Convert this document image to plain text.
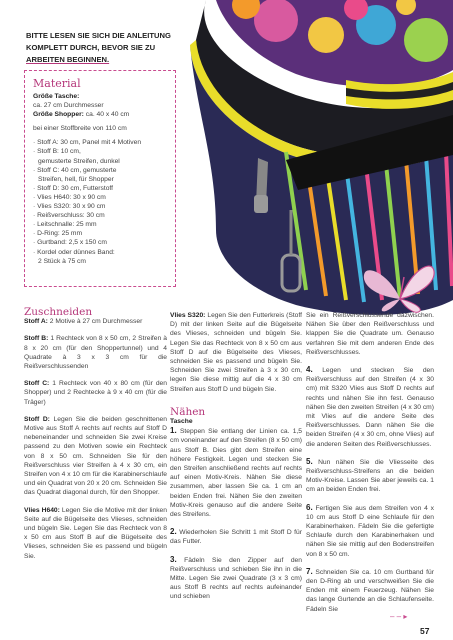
BITTE LESEN SIE SICH DIE ANLEITUNG
KOMPLETT DURCH, BEVOR SIE ZU
ARBEITEN BEGINNEN.
Material
Größe Tasche:
ca. 27 cm Durchmesser
Größe Shopper: ca. 40 x 40 cm
bei einer Stoffbreite von 110 cm
· Stoff A: 30 cm, Panel mit 4 Motiven
· Stoff B: 10 cm,
gemusterte Streifen, dunkel
· Stoff C: 40 cm, gemusterte
Streifen, hell, für Shopper
· Stoff D: 30 cm, Futterstoff
· Vlies H640: 30 x 90 cm
· Vlies S320: 30 x 90 cm
· Reißverschluss: 30 cm
· Leitschnalle: 25 mm
· D-Ring: 25 mm
· Gurtband: 2,5 x 150 cm
· Kordel oder dünnes Band:
2 Stück à 75 cm
Zuschneiden
Stoff A: 2 Motive à 27 cm Durchmesser
Stoff B: 1 Rechteck von 8 x 50 cm, 2 Streifen à 8 x 20 cm (für den Shoppertunnel) und 4 Quadrate à 3 x 3 cm für die Reißverschlussenden
Stoff C: 1 Rechteck von 40 x 80 cm (für den Shopper) und 2 Rechtecke à 9 x 40 cm (für die Träger)
Stoff D: Legen Sie die beiden geschnittenen Motive aus Stoff A rechts auf rechts auf Stoff D nebeneinander und schneiden Sie zwei Kreise passend zu den Motiven sowie ein Rechteck von 8 x 50 cm. Schneiden Sie für den Reißverschluss vier Streifen à 4 x 30 cm, ein Streifen von 4 x 10 cm für die Karabinerschlaufe und ein Quadrat von 20 x 20 cm. Schneiden Sie das Quadrat diagonal durch, für den Shopper.
Vlies H640: Legen Sie die Motive mit der linken Seite auf die Bügelseite des Vlieses, schneiden und bügeln Sie. Legen Sie das Rechteck von 8 x 50 cm aus Stoff B auf die Bügelseite des Vlieses, schneiden Sie es passend und bügeln Sie.
Vlies S320: Legen Sie den Futterkreis (Stoff D) mit der linken Seite auf die Bügelseite des Vlieses, schneiden und bügeln Sie. Legen Sie das Rechteck von 8 x 50 cm aus Stoff D auf die Bügelseite des Vlieses, schneiden Sie es passend und bügeln Sie. Schneiden Sie zwei Streifen à 3 x 30 cm, legen Sie diese mittig auf die 4 x 30 cm Streifen aus Stoff D und bügeln Sie.
Nähen
Tasche
1. Steppen Sie entlang der Linien ca. 1,5 cm voneinander auf den Streifen (8 x 50 cm) aus Stoff B. Dies gibt dem Streifen eine höhere Festigkeit. Legen und stecken Sie den Streifen anschließend rechts auf rechts auf einen Motiv-Kreis. Nähen Sie diese zusammen, aber lassen Sie ca. 1 cm an beiden Enden frei. Nähen Sie den zweiten Motiv-Kreis genauso auf die andere Seite des Streifens.
2. Wiederholen Sie Schritt 1 mit Stoff D für das Futter.
3. Fädeln Sie den Zipper auf den Reißverschluss und schieben Sie ihn in die Mitte. Legen Sie zwei Quadrate (3 x 3 cm) aus Stoff B rechts auf rechts aufeinander und schieben
Sie ein Reißverschlussende dazwischen. Nähen Sie über den Reißverschluss und klappen Sie die Quadrate um. Genauso verfahren Sie mit dem anderen Ende des Reißverschlusses.
4. Legen und stecken Sie den Reißverschluss auf den Streifen (4 x 30 cm) mit S320 Vlies aus Stoff D rechts auf rechts und nähen Sie ihn fest. Genauso nähen Sie den zweiten Streifen (4 x 30 cm) mit Vlies auf die andere Seite des Reißverschlusses. Dann nähen Sie die beiden Streifen (4 x 30 cm, ohne Vlies) auf die anderen Seiten des Reißverschlusses.
5. Nun nähen Sie die Vliesseite des Reißverschluss-Streifens an die beiden Motiv-Kreise. Lassen Sie aber jeweils ca. 1 cm an beiden Enden frei.
6. Fertigen Sie aus dem Streifen von 4 x 10 cm aus Stoff D eine Schlaufe für den Karabinerhaken. Fädeln Sie die gefertigte Schlaufe durch den Karabinerhaken und nähen Sie sie mittig auf den Bodenstreifen von 8 x 50 cm.
7. Schneiden Sie ca. 10 cm Gurtband für den D-Ring ab und verschweißen Sie die Enden mit einem Feuerzeug. Nähen Sie das lange Gurtende an die Schlaufenseite. Fädeln Sie
– – ▸
57
